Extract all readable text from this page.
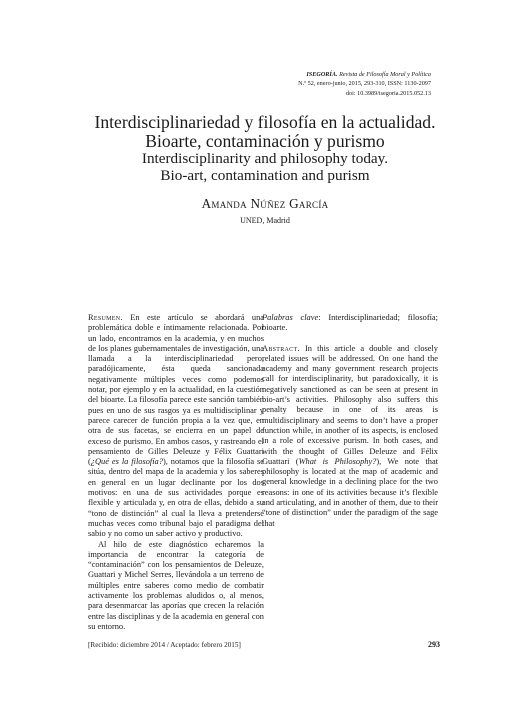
ISEGORÍA. Revista de Filosofía Moral y Política
N.º 52, enero-junio, 2015, 293-310, ISSN: 1130-2097
doi: 10.3989/isegoria.2015.052.13
Interdisciplinariedad y filosofía en la actualidad.
Bioarte, contaminación y purismo
Interdisciplinarity and philosophy today.
Bio-art, contamination and purism
Amanda Núñez García
UNED, Madrid

Resumen. En este artículo se abordará una problemática doble e íntimamente relacionada. Por un lado, encontramos en la academia, y en muchos de los planes gubernamentales de investigación, una llamada a la interdisciplinariedad pero, paradójicamente, ésta queda sancionada negativamente múltiples veces como podemos notar, por ejemplo y en la actualidad, en la cuestión del bioarte. La filosofía parece este sanción también pues en uno de sus rasgos ya es multidisciplinar y parece carecer de función propia a la vez que, en otra de sus facetas, se encierra en un papel de exceso de purismo. En ambos casos, y rastreando el pensamiento de Gilles Deleuze y Félix Guattari (¿Qué es la filosofía?), notamos que la filosofía se sitúa, dentro del mapa de la academia y los saberes en general en un lugar declinante por los dos motivos: en una de sus actividades porque es flexible y articulada y, en otra de ellas, debido a su “tono de distinción” al cual la lleva a pretenderse muchas veces como tribunal bajo el paradigma del sabio y no como un saber activo y productivo.

Al hilo de este diagnóstico echaremos la importancia de encontrar la categoría de “contaminación” con los pensamientos de Deleuze, Guattari y Michel Serres, llevándola a un terreno de múltiples entre saberes como medio de combatir activamente los problemas aludidos o, al menos, para desenmarcar las aporías que crecen la relación entre las disciplinas y de la academia en general con su entorno.

Palabras clave: Interdisciplinariedad; filosofía; bioarte.

Abstract. In this article a double and closely related issues will be addressed. On one hand the academy and many government research projects call for interdisciplinarity, but paradoxically, it is negatively sanctioned as can be seen at present in bio-art’s activities. Philosophy also suffers this penalty because in one of its areas is multidisciplinary and seems to don’t have a proper function while, in another of its aspects, is enclosed in a role of excessive purism. In both cases, and with the thought of Gilles Deleuze and Félix Guattari (What is Philosophy?), We note that philosophy is located at the map of academic and general knowledge in a declining place for the two reasons: in one of its activities because it’s flexible and articulating, and in another of them, due to their “tone of distinction” under the paradigm of the sage that

[Recibido: diciembre 2014 / Aceptado: febrero 2015]	293
